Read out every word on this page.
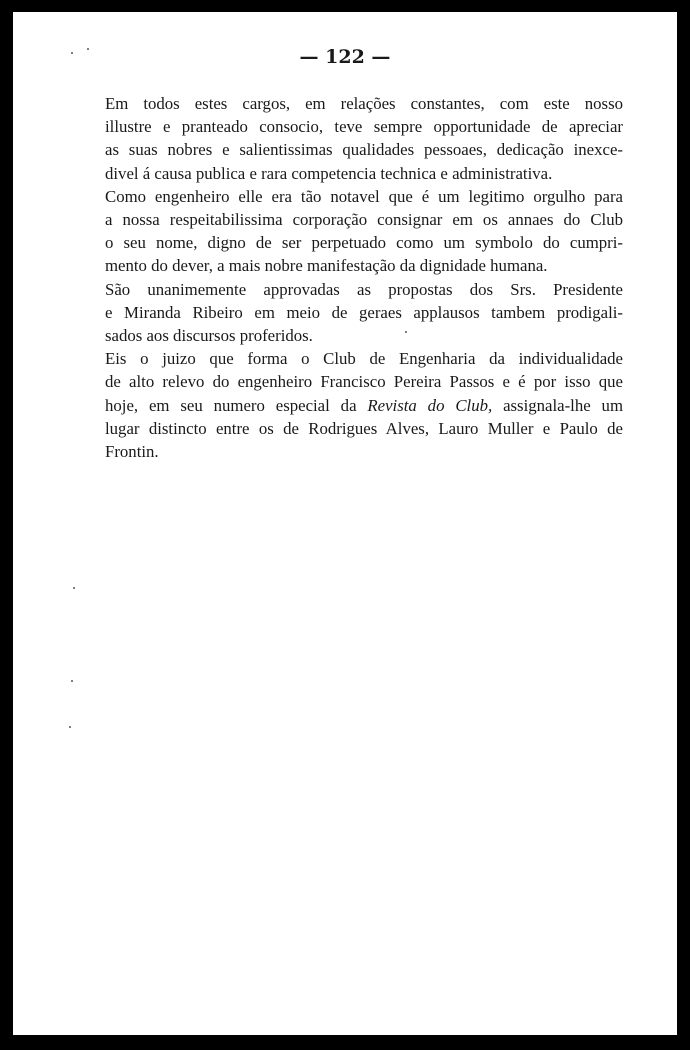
— 122 —

Em todos estes cargos, em relações constantes, com este nosso
illustre e pranteado consocio, teve sempre opportunidade de apreciar
as suas nobres e salientissimas qualidades pessoaes, dedicação inexce-
divel á causa publica e rara competencia technica e administrativa.

Como engenheiro elle era tão notavel que é um legitimo orgulho para
a nossa respeitabilissima corporação consignar em os annaes do Club
o seu nome, digno de ser perpetuado como um symbolo do cumpri-
mento do dever, a mais nobre manifestação da dignidade humana.

São unanimemente approvadas as propostas dos Srs. Presidente
e Miranda Ribeiro em meio de geraes applausos tambem prodigali-
sados aos discursos proferidos.

Eis o juizo que forma o Club de Engenharia da individualidade
de alto relevo do engenheiro Francisco Pereira Passos e é por isso que
hoje, em seu numero especial da Revista do Club, assignala-lhe um
lugar distincto entre os de Rodrigues Alves, Lauro Muller e Paulo de
Frontin.
